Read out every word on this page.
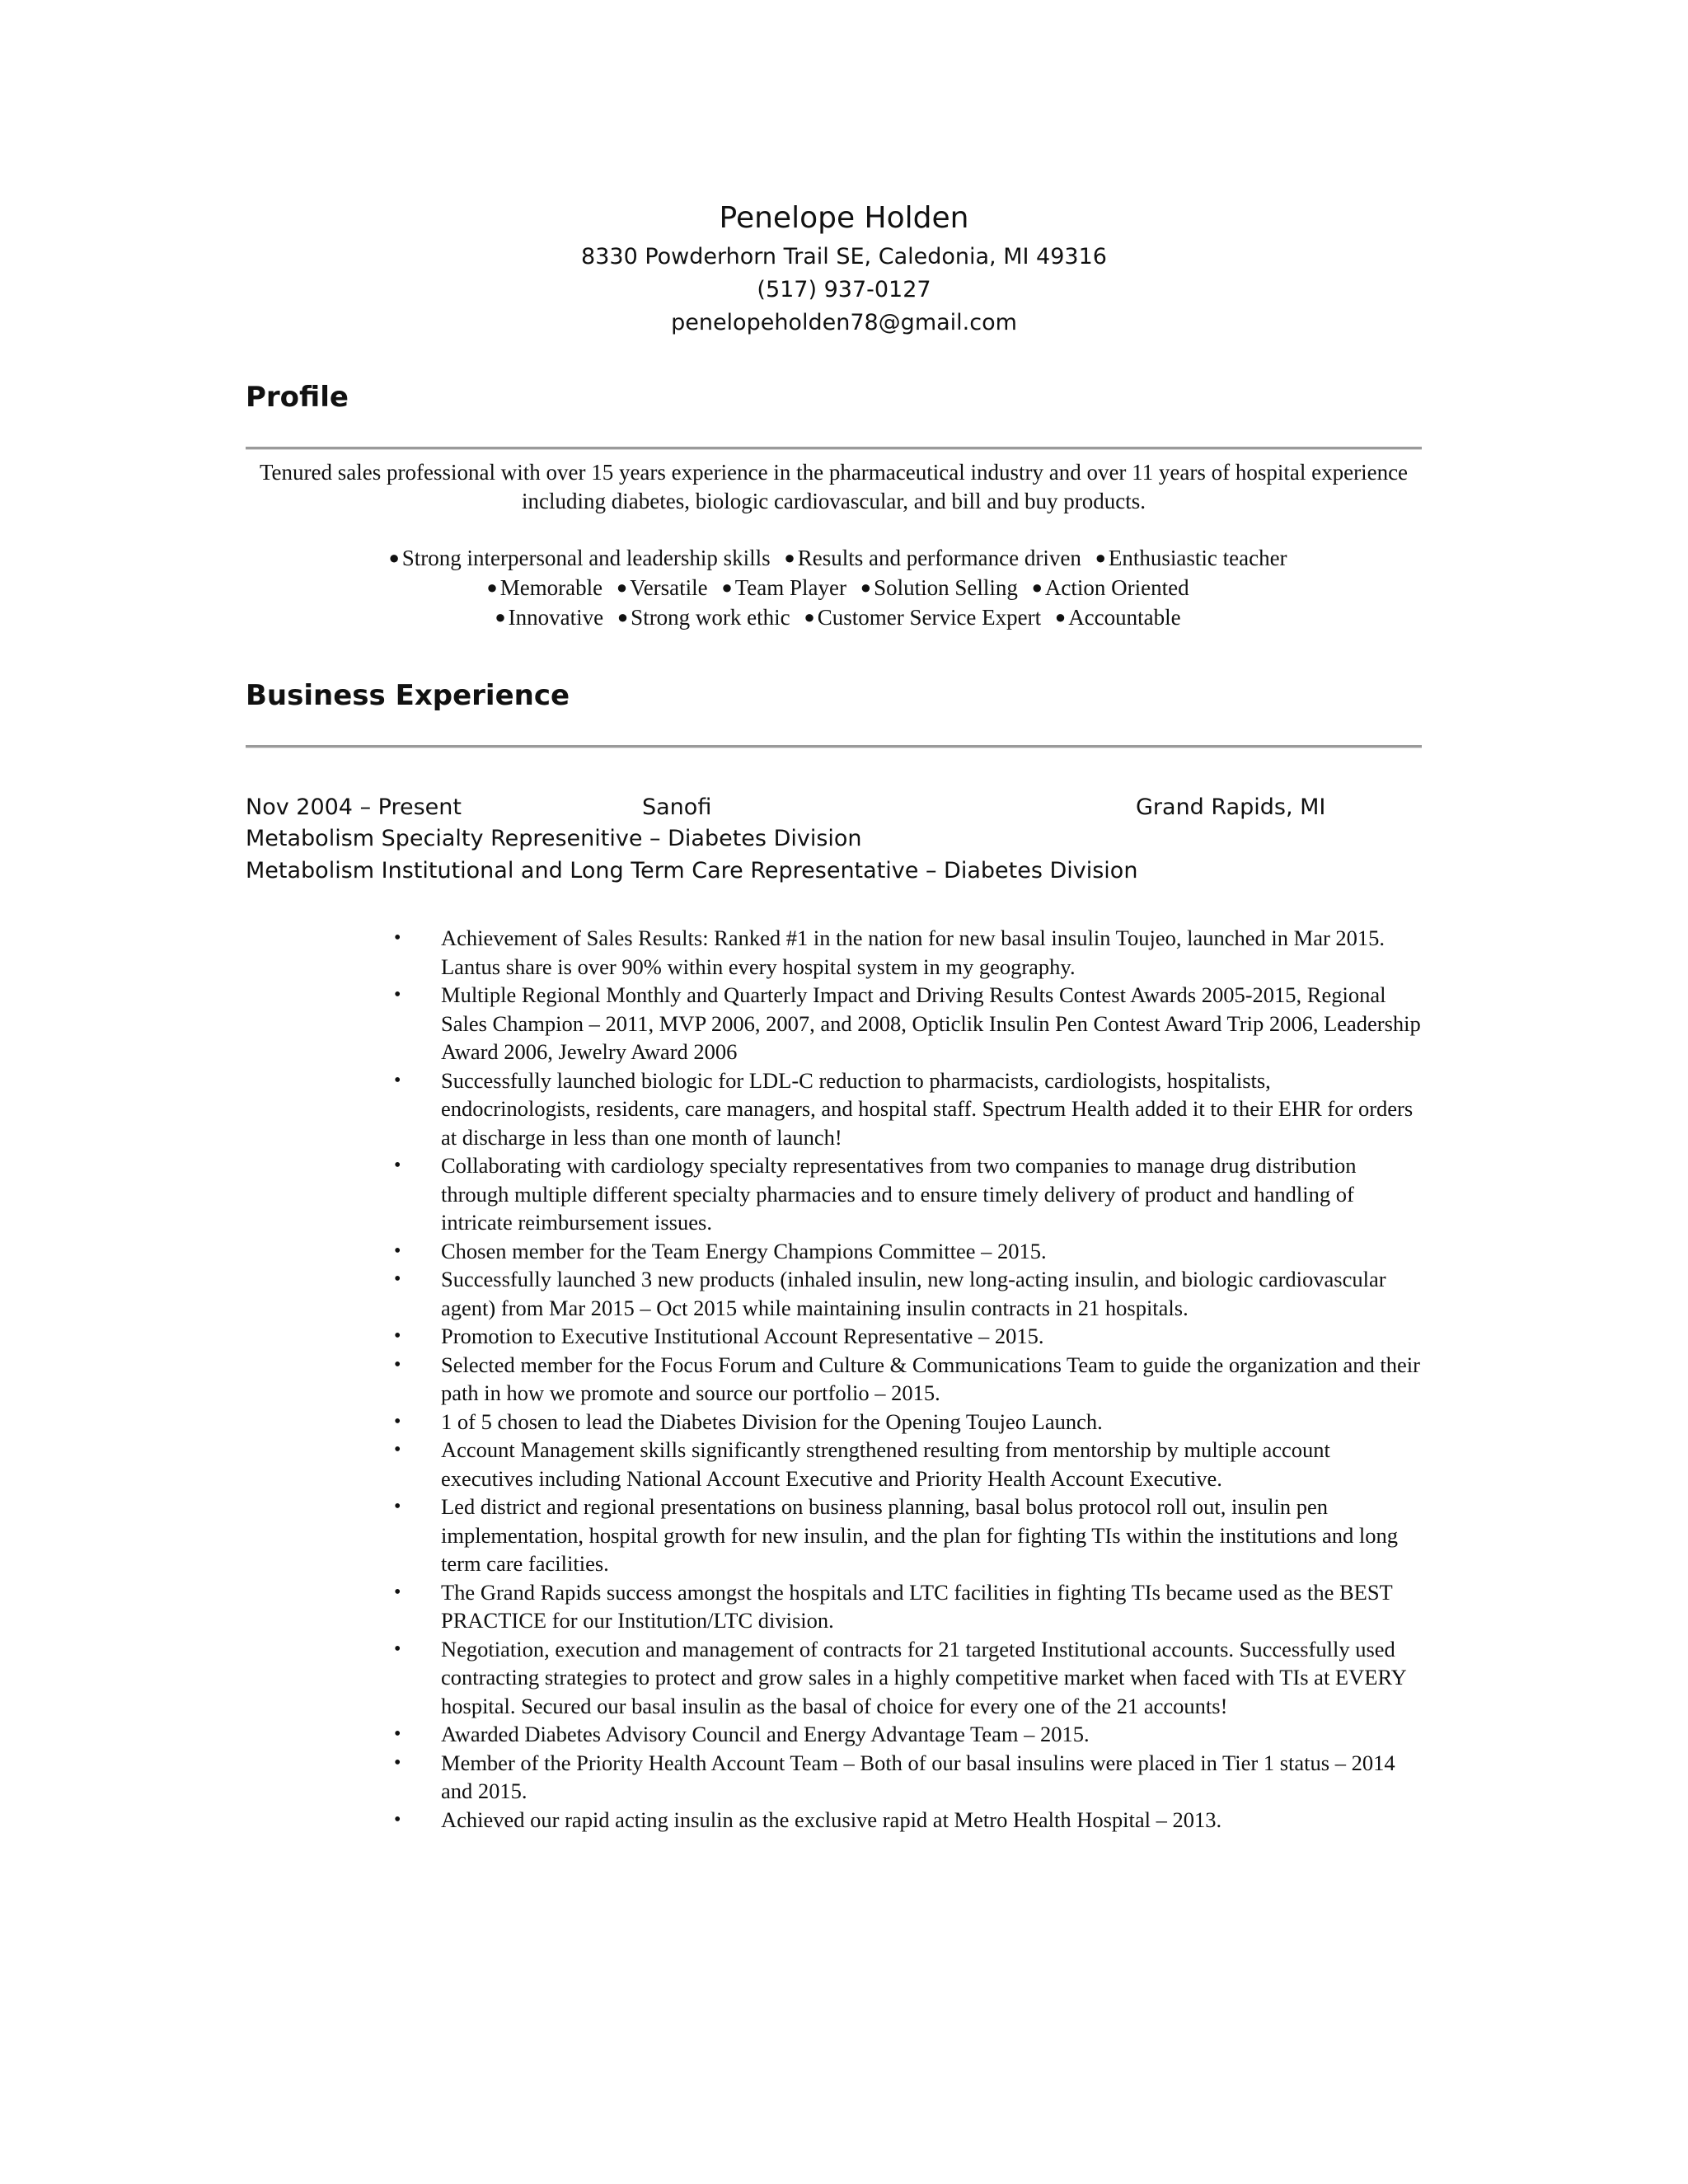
Penelope Holden
8330 Powderhorn Trail SE, Caledonia, MI 49316
(517) 937-0127
penelopeholden78@gmail.com
Profile
Tenured sales professional with over 15 years experience in the pharmaceutical industry and over 11 years of hospital experience including diabetes, biologic cardiovascular, and bill and buy products.
● Strong interpersonal and leadership skills ● Results and performance driven ● Enthusiastic teacher
● Memorable ● Versatile ● Team Player ● Solution Selling ● Action Oriented
● Innovative ● Strong work ethic ● Customer Service Expert ● Accountable
Business Experience
Nov 2004 – Present	Sanofi	Grand Rapids, MI
Metabolism Specialty Represenitive – Diabetes Division
Metabolism Institutional and Long Term Care Representative – Diabetes Division
• Achievement of Sales Results: Ranked #1 in the nation for new basal insulin Toujeo, launched in Mar 2015. Lantus share is over 90% within every hospital system in my geography.
• Multiple Regional Monthly and Quarterly Impact and Driving Results Contest Awards 2005-2015, Regional Sales Champion – 2011, MVP 2006, 2007, and 2008, Opticlik Insulin Pen Contest Award Trip 2006, Leadership Award 2006, Jewelry Award 2006
• Successfully launched biologic for LDL-C reduction to pharmacists, cardiologists, hospitalists, endocrinologists, residents, care managers, and hospital staff. Spectrum Health added it to their EHR for orders at discharge in less than one month of launch!
• Collaborating with cardiology specialty representatives from two companies to manage drug distribution through multiple different specialty pharmacies and to ensure timely delivery of product and handling of intricate reimbursement issues.
• Chosen member for the Team Energy Champions Committee – 2015.
• Successfully launched 3 new products (inhaled insulin, new long-acting insulin, and biologic cardiovascular agent) from Mar 2015 – Oct 2015 while maintaining insulin contracts in 21 hospitals.
• Promotion to Executive Institutional Account Representative – 2015.
• Selected member for the Focus Forum and Culture & Communications Team to guide the organization and their path in how we promote and source our portfolio – 2015.
• 1 of 5 chosen to lead the Diabetes Division for the Opening Toujeo Launch.
• Account Management skills significantly strengthened resulting from mentorship by multiple account executives including National Account Executive and Priority Health Account Executive.
• Led district and regional presentations on business planning, basal bolus protocol roll out, insulin pen implementation, hospital growth for new insulin, and the plan for fighting TIs within the institutions and long term care facilities.
• The Grand Rapids success amongst the hospitals and LTC facilities in fighting TIs became used as the BEST PRACTICE for our Institution/LTC division.
• Negotiation, execution and management of contracts for 21 targeted Institutional accounts. Successfully used contracting strategies to protect and grow sales in a highly competitive market when faced with TIs at EVERY hospital. Secured our basal insulin as the basal of choice for every one of the 21 accounts!
• Awarded Diabetes Advisory Council and Energy Advantage Team – 2015.
• Member of the Priority Health Account Team – Both of our basal insulins were placed in Tier 1 status – 2014 and 2015.
• Achieved our rapid acting insulin as the exclusive rapid at Metro Health Hospital – 2013.
